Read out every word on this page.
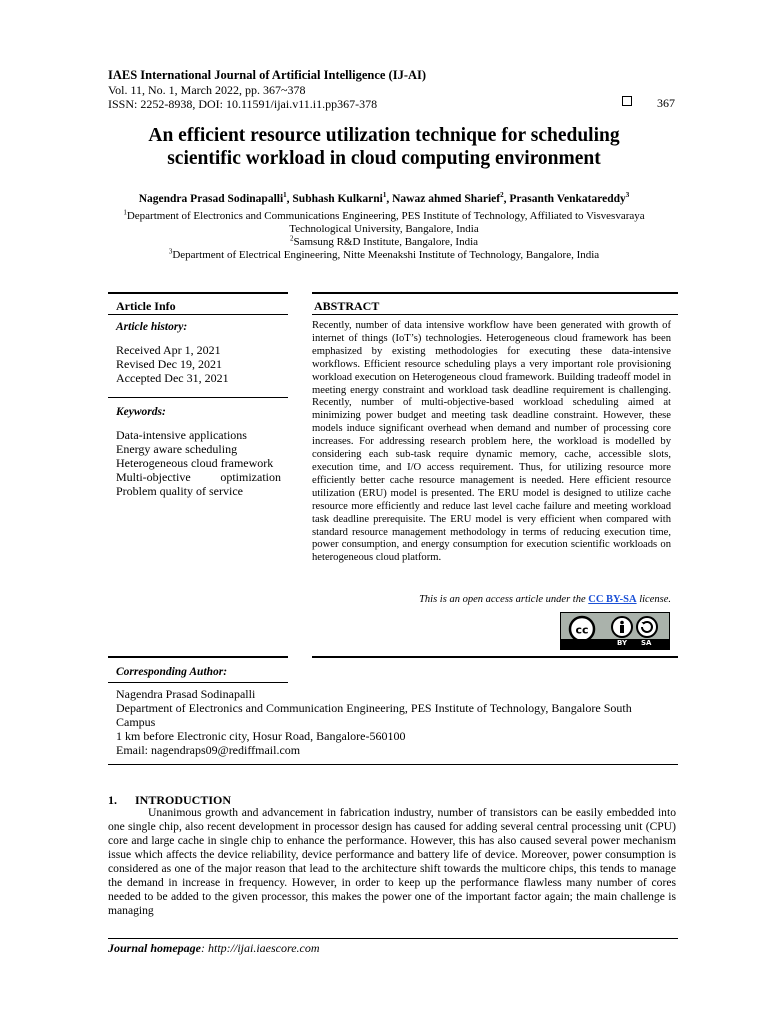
IAES International Journal of Artificial Intelligence (IJ-AI)
Vol. 11, No. 1, March 2022, pp. 367~378
ISSN: 2252-8938, DOI: 10.11591/ijai.v11.i1.pp367-378	367
An efficient resource utilization technique for scheduling
scientific workload in cloud computing environment
Nagendra Prasad Sodinapalli$^1$, Subhash Kulkarni$^1$, Nawaz ahmed Sharief$^2$, Prasanth Venkatareddy$^3$
$^1$Department of Electronics and Communications Engineering, PES Institute of Technology, Affiliated to Visvesvaraya
Technological University, Bangalore, India
$^2$Samsung R&D Institute, Bangalore, India
$^3$Department of Electrical Engineering, Nitte Meenakshi Institute of Technology, Bangalore, India
Article Info
Article history:
Received Apr 1, 2021
Revised Dec 19, 2021
Accepted Dec 31, 2021
Keywords:
Data-intensive applications
Energy aware scheduling
Heterogeneous cloud framework
Multi-objective optimization
Problem quality of service
ABSTRACT
Recently, number of data intensive workflow have been generated with growth of internet of things (IoT’s) technologies. Heterogeneous cloud framework has been emphasized by existing methodologies for executing these data-intensive workflows. Efficient resource scheduling plays a very important role provisioning workload execution on Heterogeneous cloud framework. Building tradeoff model in meeting energy constraint and workload task deadline requirement is challenging. Recently, number of multi-objective-based workload scheduling aimed at minimizing power budget and meeting task deadline constraint. However, these models induce significant overhead when demand and number of processing core increases. For addressing research problem here, the workload is modelled by considering each sub-task require dynamic memory, cache, accessible slots, execution time, and I/O access requirement. Thus, for utilizing resource more efficiently better cache resource management is needed. Here efficient resource utilization (ERU) model is presented. The ERU model is designed to utilize cache resource more efficiently and reduce last level cache failure and meeting workload task deadline prerequisite. The ERU model is very efficient when compared with standard resource management methodology in terms of reducing execution time, power consumption, and energy consumption for execution scientific workloads on heterogeneous cloud platform.
This is an open access article under the CC BY-SA license.
cc
BY SA
Corresponding Author:
Nagendra Prasad Sodinapalli
Department of Electronics and Communication Engineering, PES Institute of Technology, Bangalore South
Campus
1 km before Electronic city, Hosur Road, Bangalore-560100
Email: nagendraps09@rediffmail.com
1. INTRODUCTION

Unanimous growth and advancement in fabrication industry, number of transistors can be easily embedded into one single chip, also recent development in processor design has caused for adding several central processing unit (CPU) core and large cache in single chip to enhance the performance. However, this has also caused several power mechanism issue which affects the device reliability, device performance and battery life of device. Moreover, power consumption is considered as one of the major reason that lead to the architecture shift towards the multicore chips, this tends to manage the demand in increase in frequency. However, in order to keep up the performance flawless many number of cores needed to be added to the given processor, this makes the power one of the important factor again; the main challenge is managing

Journal homepage: http://ijai.iaescore.com
